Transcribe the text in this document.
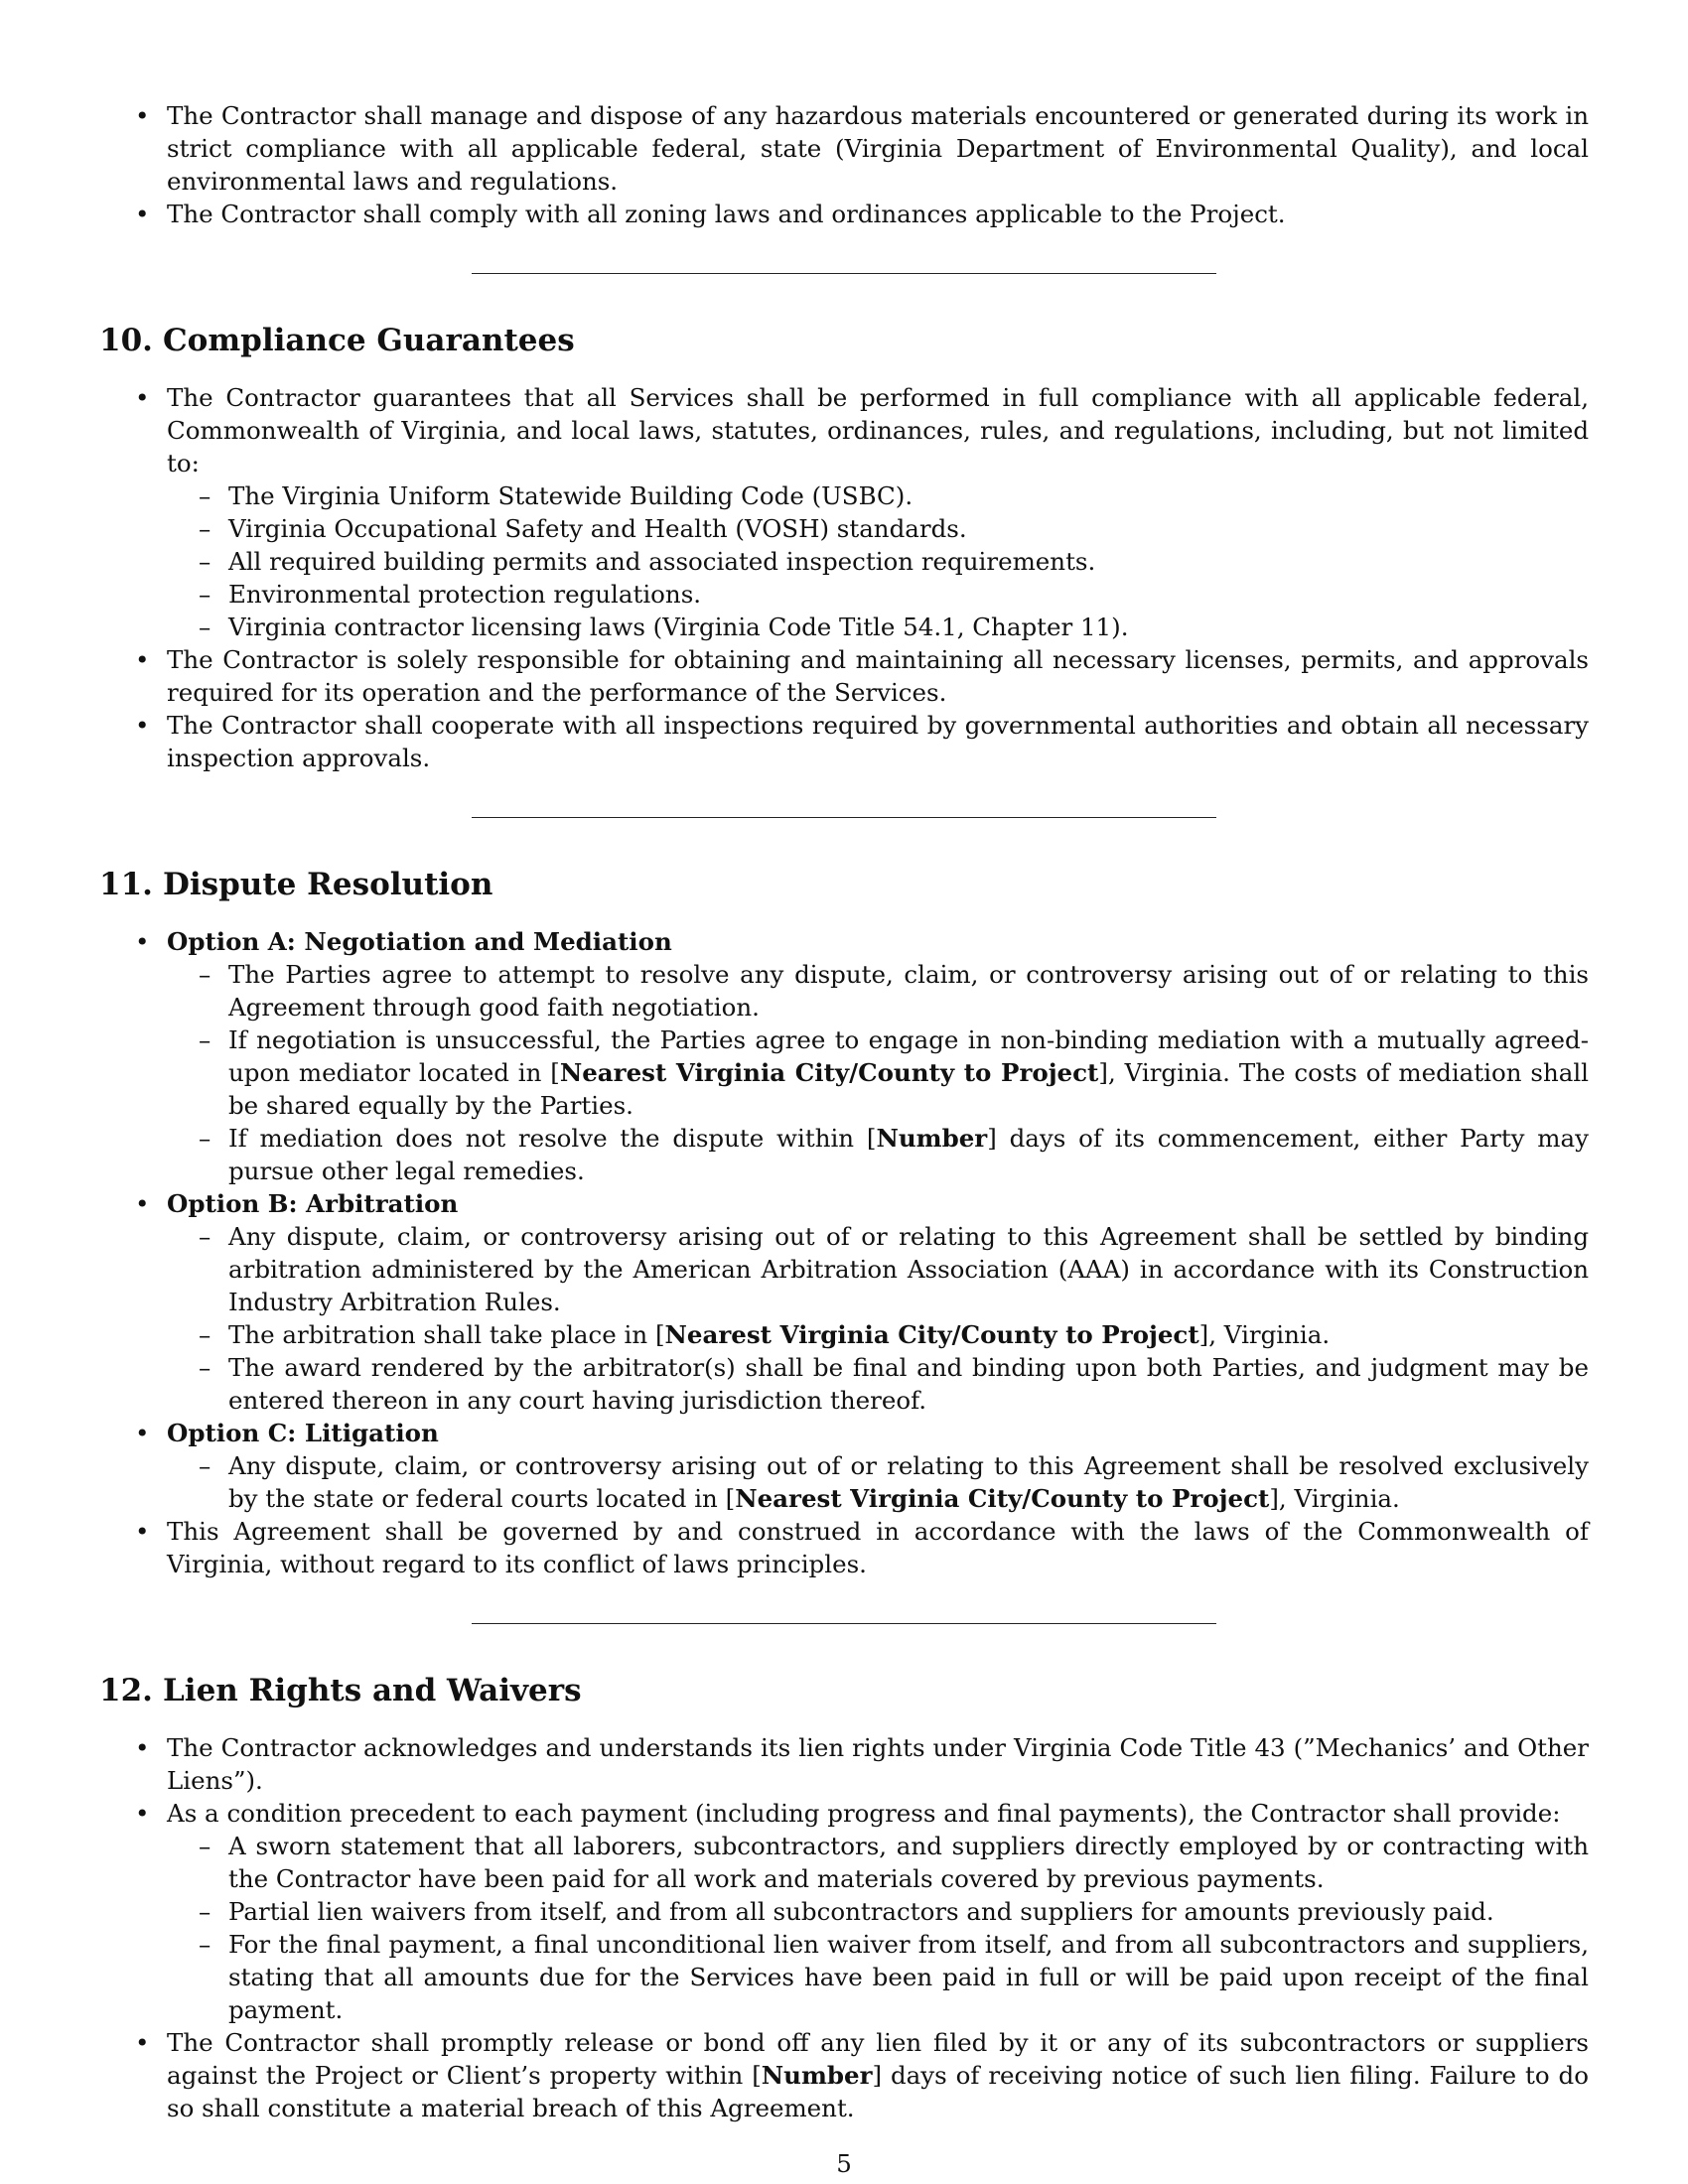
• The Contractor shall manage and dispose of any hazardous materials encountered or generated during its work in strict compliance with all applicable federal, state (Virginia Department of Environmental Quality), and local environmental laws and regulations.
• The Contractor shall comply with all zoning laws and ordinances applicable to the Project.
10. Compliance Guarantees
• The Contractor guarantees that all Services shall be performed in full compliance with all applicable federal, Commonwealth of Virginia, and local laws, statutes, ordinances, rules, and regulations, including, but not limited to:
– The Virginia Uniform Statewide Building Code (USBC).
– Virginia Occupational Safety and Health (VOSH) standards.
– All required building permits and associated inspection requirements.
– Environmental protection regulations.
– Virginia contractor licensing laws (Virginia Code Title 54.1, Chapter 11).
• The Contractor is solely responsible for obtaining and maintaining all necessary licenses, permits, and approvals required for its operation and the performance of the Services.
• The Contractor shall cooperate with all inspections required by governmental authorities and obtain all necessary inspection approvals.
11. Dispute Resolution
• Option A: Negotiation and Mediation
– The Parties agree to attempt to resolve any dispute, claim, or controversy arising out of or relating to this Agreement through good faith negotiation.
– If negotiation is unsuccessful, the Parties agree to engage in non-binding mediation with a mutually agreed-upon mediator located in [Nearest Virginia City/County to Project], Virginia. The costs of mediation shall be shared equally by the Parties.
– If mediation does not resolve the dispute within [Number] days of its commencement, either Party may pursue other legal remedies.
• Option B: Arbitration
– Any dispute, claim, or controversy arising out of or relating to this Agreement shall be settled by binding arbitration administered by the American Arbitration Association (AAA) in accordance with its Construction Industry Arbitration Rules.
– The arbitration shall take place in [Nearest Virginia City/County to Project], Virginia.
– The award rendered by the arbitrator(s) shall be final and binding upon both Parties, and judgment may be entered thereon in any court having jurisdiction thereof.
• Option C: Litigation
– Any dispute, claim, or controversy arising out of or relating to this Agreement shall be resolved exclusively by the state or federal courts located in [Nearest Virginia City/County to Project], Virginia.
• This Agreement shall be governed by and construed in accordance with the laws of the Commonwealth of Virginia, without regard to its conflict of laws principles.
12. Lien Rights and Waivers
• The Contractor acknowledges and understands its lien rights under Virginia Code Title 43 (”Mechanics’ and Other Liens”).
• As a condition precedent to each payment (including progress and final payments), the Contractor shall provide:
– A sworn statement that all laborers, subcontractors, and suppliers directly employed by or contracting with the Contractor have been paid for all work and materials covered by previous payments.
– Partial lien waivers from itself, and from all subcontractors and suppliers for amounts previously paid.
– For the final payment, a final unconditional lien waiver from itself, and from all subcontractors and suppliers, stating that all amounts due for the Services have been paid in full or will be paid upon receipt of the final payment.
• The Contractor shall promptly release or bond off any lien filed by it or any of its subcontractors or suppliers against the Project or Client’s property within [Number] days of receiving notice of such lien filing. Failure to do so shall constitute a material breach of this Agreement.
5
